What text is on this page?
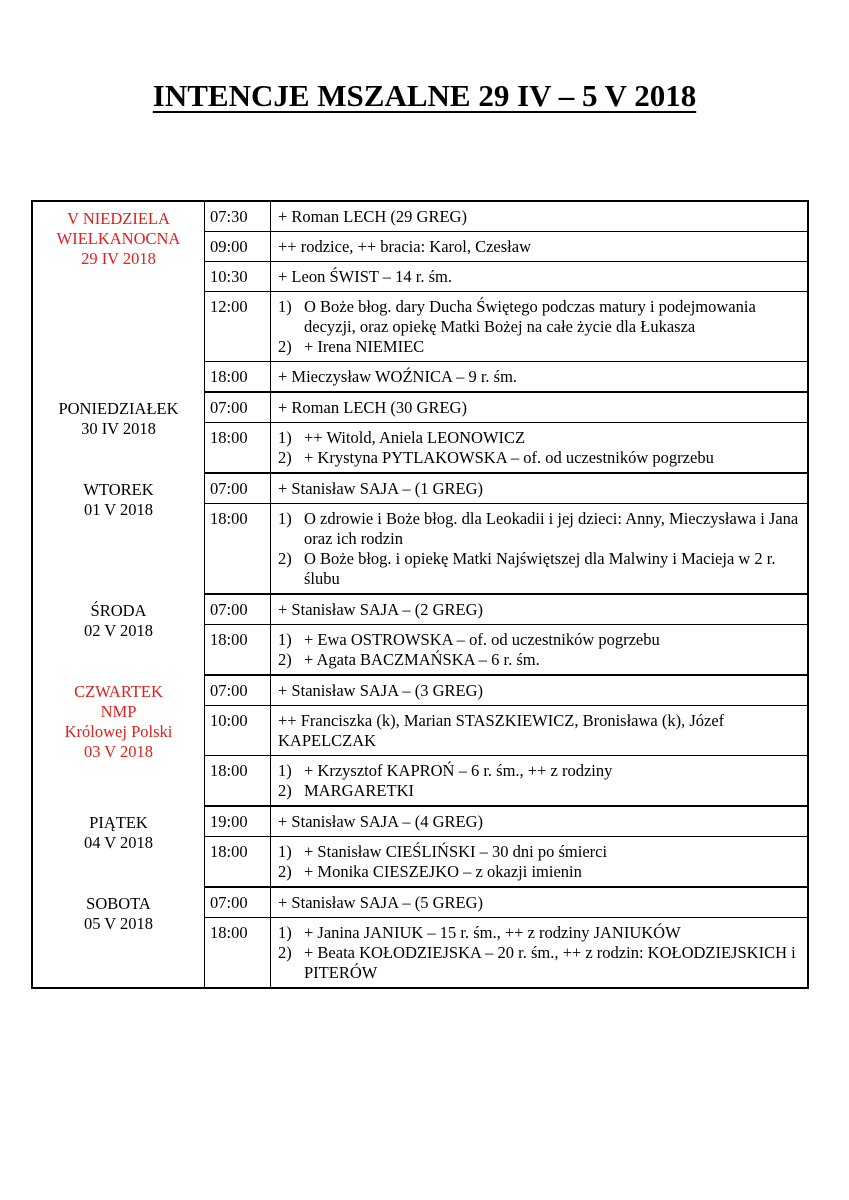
INTENCJE MSZALNE 29 IV – 5 V 2018
V NIEDZIELA
WIELKANOCNA
29 IV 2018	07:30	+ Roman LECH (29 GREG)

	09:00	++ rodzice, ++ bracia: Karol, Czesław

	10:30	+ Leon ŚWIST – 14 r. śm.

	12:00	1) O Boże błog. dary Ducha Świętego podczas matury i podejmowania decyzji, oraz opiekę Matki Bożej na całe życie dla Łukasza
2) + Irena NIEMIEC

	18:00	+ Mieczysław WOŹNICA – 9 r. śm.

PONIEDZIAŁEK
30 IV 2018	07:00	+ Roman LECH (30 GREG)

	18:00	1) ++ Witold, Aniela LEONOWICZ
2) + Krystyna PYTLAKOWSKA – of. od uczestników pogrzebu

WTOREK
01 V 2018	07:00	+ Stanisław SAJA – (1 GREG)

	18:00	1) O zdrowie i Boże błog. dla Leokadii i jej dzieci: Anny, Mieczysława i Jana oraz ich rodzin
2) O Boże błog. i opiekę Matki Najświętszej dla Malwiny i Macieja w 2 r. ślubu

ŚRODA
02 V 2018	07:00	+ Stanisław SAJA – (2 GREG)

	18:00	1) + Ewa OSTROWSKA – of. od uczestników pogrzebu
2) + Agata BACZMAŃSKA – 6 r. śm.

CZWARTEK
NMP
Królowej Polski
03 V 2018	07:00	+ Stanisław SAJA – (3 GREG)

	10:00	++ Franciszka (k), Marian STASZKIEWICZ, Bronisława (k), Józef KAPELCZAK

	18:00	1) + Krzysztof KAPROŃ – 6 r. śm., ++ z rodziny
2) MARGARETKI

PIĄTEK
04 V 2018	19:00	+ Stanisław SAJA – (4 GREG)

	18:00	1) + Stanisław CIEŚLIŃSKI – 30 dni po śmierci
2) + Monika CIESZEJKO – z okazji imienin

SOBOTA
05 V 2018	07:00	+ Stanisław SAJA – (5 GREG)

	18:00	1) + Janina JANIUK – 15 r. śm., ++ z rodziny JANIUKÓW
2) + Beata KOŁODZIEJSKA – 20 r. śm., ++ z rodzin: KOŁODZIEJSKICH i PITERÓW
